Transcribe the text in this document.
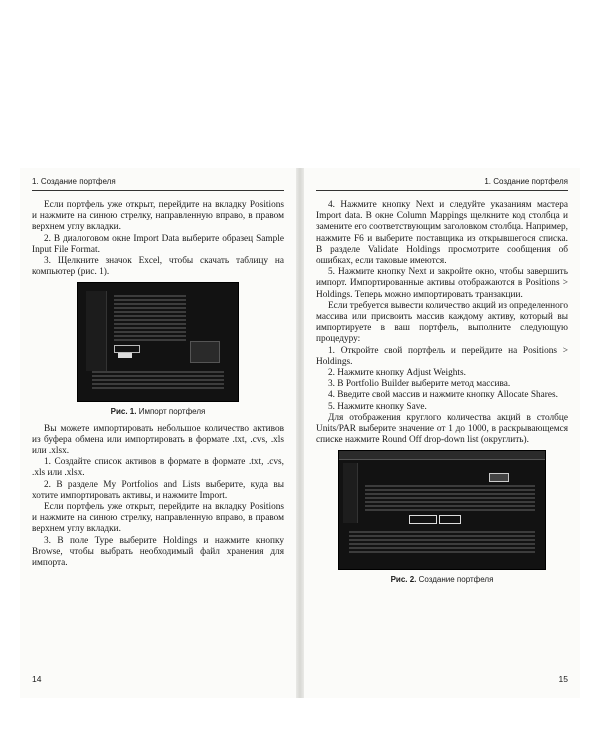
1. Создание портфеля

Если портфель уже открыт, перейдите на вкладку Positions и нажмите на синюю стрелку, направленную вправо, в правом верхнем углу вкладки.

2. В диалоговом окне Import Data выберите образец Sample Input File Format.

3. Щелкните значок Excel, чтобы скачать таблицу на компьютер (рис. 1).

Рис. 1. Импорт портфеля

Вы можете импортировать небольшое количество активов из буфера обмена или импортировать в формате .txt, .cvs, .xls или .xlsx.

1. Создайте список активов в формате в формате .txt, .cvs, .xls или .xlsx.

2. В разделе My Portfolios and Lists выберите, куда вы хотите импортировать активы, и нажмите Import.

Если портфель уже открыт, перейдите на вкладку Positions и нажмите на синюю стрелку, направленную вправо, в правом верхнем углу вкладки.

3. В поле Type выберите Holdings и нажмите кнопку Browse, чтобы выбрать необходимый файл хранения для импорта.

14
1. Создание портфеля

4. Нажмите кнопку Next и следуйте указаниям мастера Import data. В окне Column Mappings щелкните код столбца и замените его соответствующим заголовком столбца. Например, нажмите F6 и выберите поставщика из открывшегося списка. В разделе Validate Holdings просмотрите сообщения об ошибках, если таковые имеются.

5. Нажмите кнопку Next и закройте окно, чтобы завершить импорт. Импортированные активы отображаются в Positions > Holdings. Теперь можно импортировать транзакции.

Если требуется вывести количество акций из определенного массива или присвоить массив каждому активу, который вы импортируете в ваш портфель, выполните следующую процедуру:

1. Откройте свой портфель и перейдите на Positions > Holdings.

2. Нажмите кнопку Adjust Weights.

3. В Portfolio Builder выберите метод массива.

4. Введите свой массив и нажмите кнопку Allocate Shares.

5. Нажмите кнопку Save.

Для отображения круглого количества акций в столбце Units/PAR выберите значение от 1 до 1000, в раскрывающемся списке нажмите Round Off drop-down list (округлить).

Рис. 2. Создание портфеля
15
